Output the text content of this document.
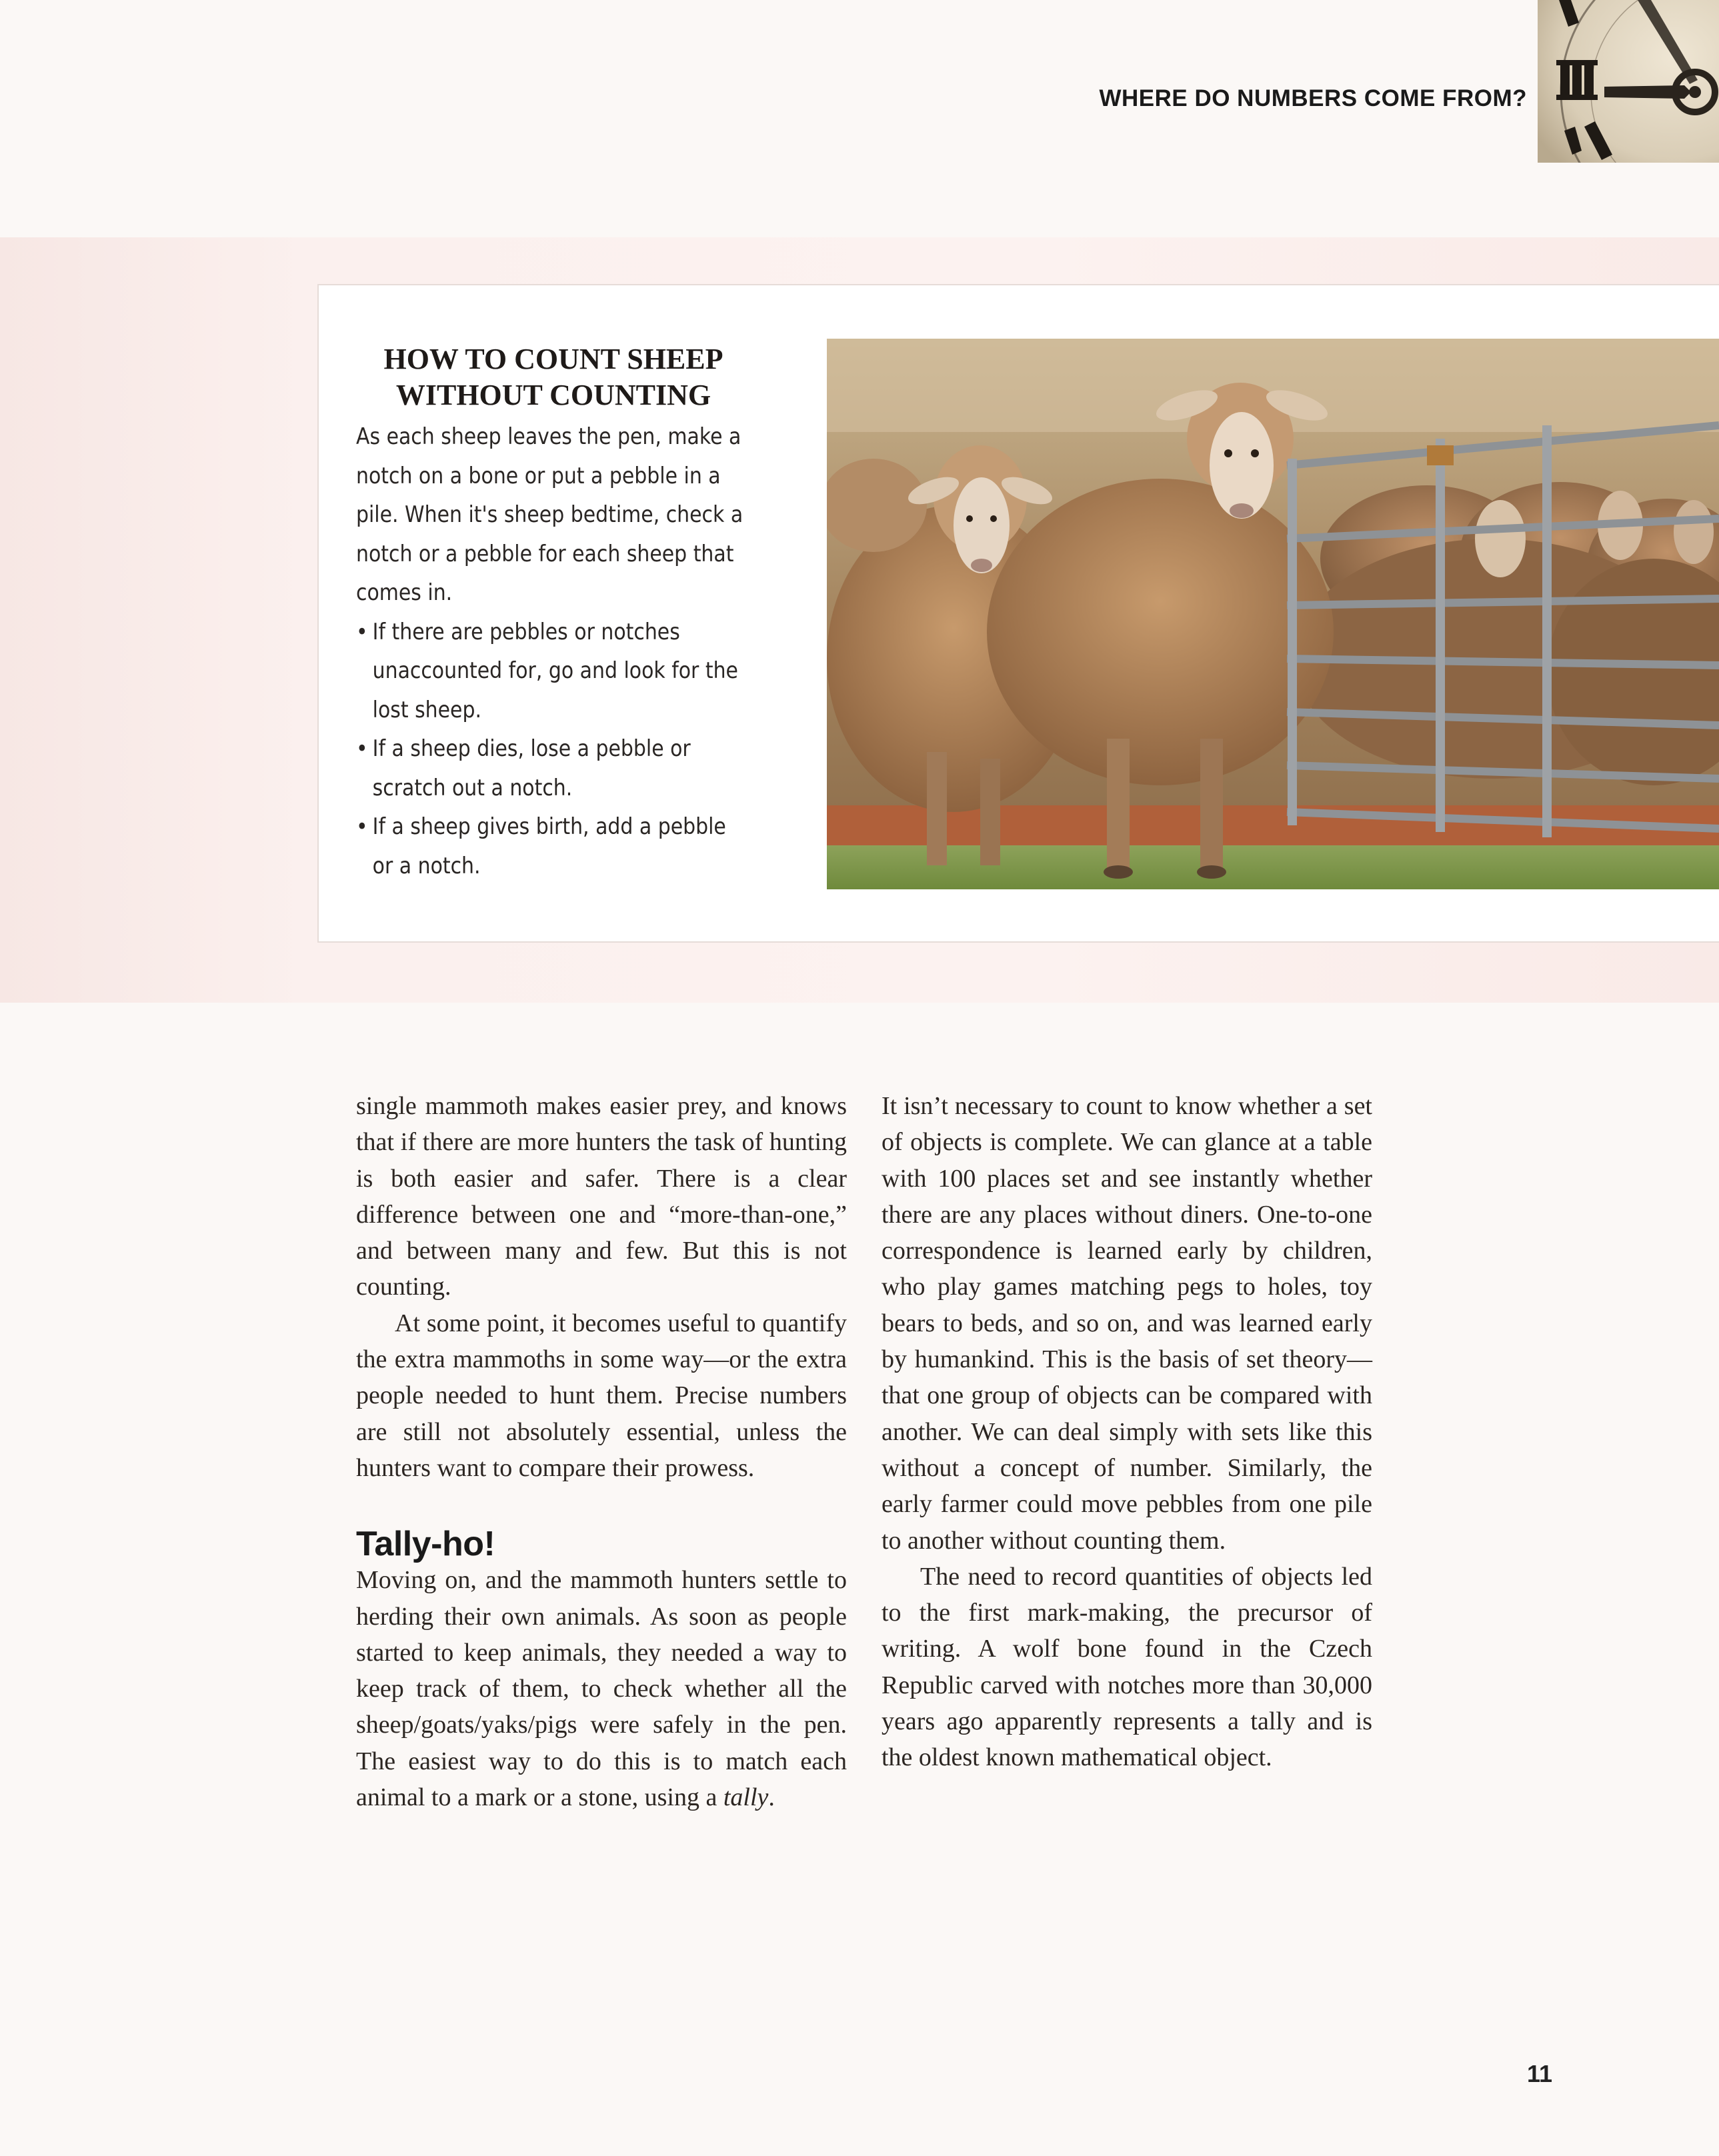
WHERE DO NUMBERS COME FROM?
HOW TO COUNT SHEEP
WITHOUT COUNTING

As each sheep leaves the pen, make a notch on a bone or put a pebble in a pile. When it's sheep bedtime, check a notch or a pebble for each sheep that comes in.

• If there are pebbles or notches unaccounted for, go and look for the lost sheep.
• If a sheep dies, lose a pebble or scratch out a notch.
• If a sheep gives birth, add a pebble or a notch.

single mammoth makes easier prey, and knows that if there are more hunters the task of hunting is both easier and safer. There is a clear difference between one and “more-than-one,” and between many and few. But this is not counting.

At some point, it becomes useful to quantify the extra mammoths in some way—or the extra people needed to hunt them. Precise numbers are still not absolutely essential, unless the hunters want to compare their prowess.

Tally-ho!

Moving on, and the mammoth hunters settle to herding their own animals. As soon as people started to keep animals, they needed a way to keep track of them, to check whether all the sheep/goats/yaks/pigs were safely in the pen. The easiest way to do this is to match each animal to a mark or a stone, using a tally.

It isn’t necessary to count to know whether a set of objects is complete. We can glance at a table with 100 places set and see instantly whether there are any places without diners. One-to-one correspondence is learned early by children, who play games matching pegs to holes, toy bears to beds, and so on, and was learned early by humankind. This is the basis of set theory—that one group of objects can be compared with another. We can deal simply with sets like this without a concept of number. Similarly, the early farmer could move pebbles from one pile to another without counting them.

The need to record quantities of objects led to the first mark-making, the precursor of writing. A wolf bone found in the Czech Republic carved with notches more than 30,000 years ago apparently represents a tally and is the oldest known mathematical object.

11
